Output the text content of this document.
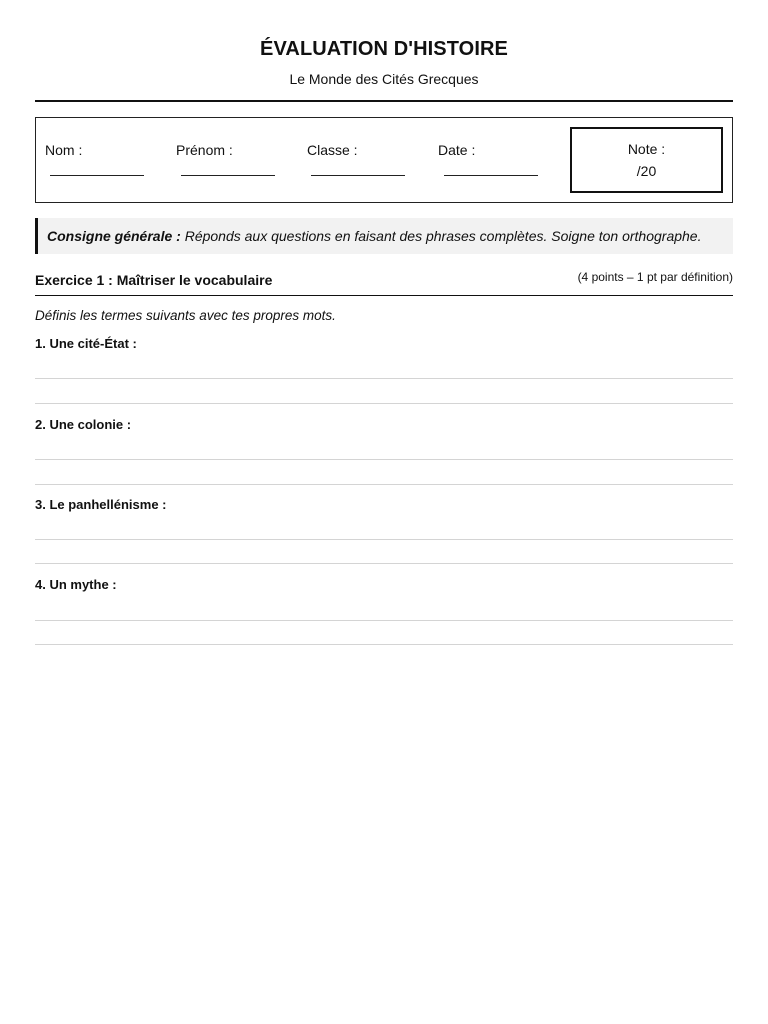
ÉVALUATION D'HISTOIRE
Le Monde des Cités Grecques
Nom :	Prénom :	Classe :	Date :	Note :
/20
Consigne générale : Réponds aux questions en faisant des phrases complètes. Soigne ton orthographe.
Exercice 1 : Maîtriser le vocabulaire	(4 points – 1 pt par définition)
Définis les termes suivants avec tes propres mots.
1. Une cité-État :
2. Une colonie :
3. Le panhellénisme :
4. Un mythe :
